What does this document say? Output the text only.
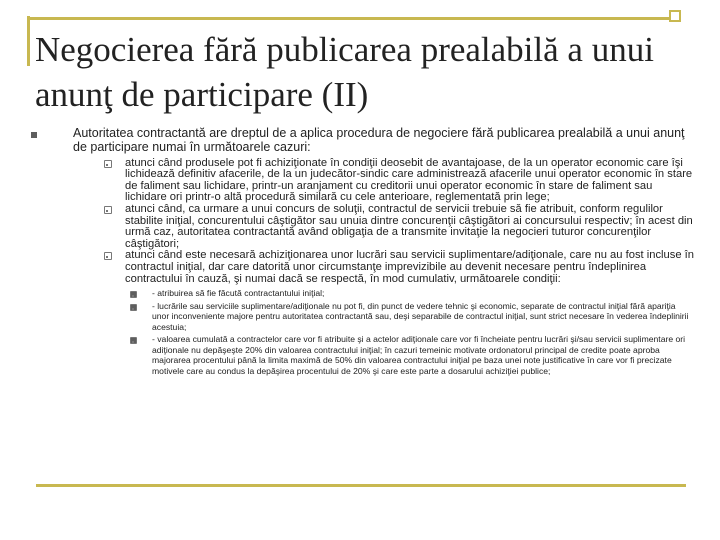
Negocierea fără publicarea prealabilă a unui anunţ de participare (II)
Autoritatea contractantă are dreptul de a aplica procedura de negociere fără publicarea prealabilă a unui anunţ de participare numai în următoarele cazuri:
atunci când produsele pot fi achiziţionate în condiţii deosebit de avantajoase, de la un operator economic care îşi lichidează definitiv afacerile, de la un judecător-sindic care administrează afacerile unui operator economic în stare de faliment sau lichidare, printr-un aranjament cu creditorii unui operator economic în stare de faliment sau lichidare ori printr-o altă procedură similară cu cele anterioare, reglementată prin lege;
atunci când, ca urmare a unui concurs de soluţii, contractul de servicii trebuie să fie atribuit, conform regulilor stabilite iniţial, concurentului câştigător sau unuia dintre concurenţii câştigători ai concursului respectiv; în acest din urmă caz, autoritatea contractantă având obligaţia de a transmite invitaţie la negocieri tuturor concurenţilor câştigători;
atunci când este necesară achiziţionarea unor lucrări sau servicii suplimentare/adiţionale, care nu au fost incluse în contractul iniţial, dar care datorită unor circumstanţe imprevizibile au devenit necesare pentru îndeplinirea contractului în cauză, şi numai dacă se respectă, în mod cumulativ, următoarele condiţii:
- atribuirea să fie făcută contractantului iniţial;
- lucrările sau serviciile suplimentare/adiţionale nu pot fi, din punct de vedere tehnic şi economic, separate de contractul iniţial fără apariţia unor inconveniente majore pentru autoritatea contractantă sau, deşi separabile de contractul iniţial, sunt strict necesare în vederea îndeplinirii acestuia;
- valoarea cumulată a contractelor care vor fi atribuite şi a actelor adiţionale care vor fi încheiate pentru lucrări şi/sau servicii suplimentare ori adiţionale nu depăşeşte 20% din valoarea contractului iniţial; în cazuri temeinic motivate ordonatorul principal de credite poate aproba majorarea procentului până la limita maximă de 50% din valoarea contractului iniţial pe baza unei note justificative în care vor fi precizate motivele care au condus la depăşirea procentului de 20% şi care este parte a dosarului achiziţiei publice;
